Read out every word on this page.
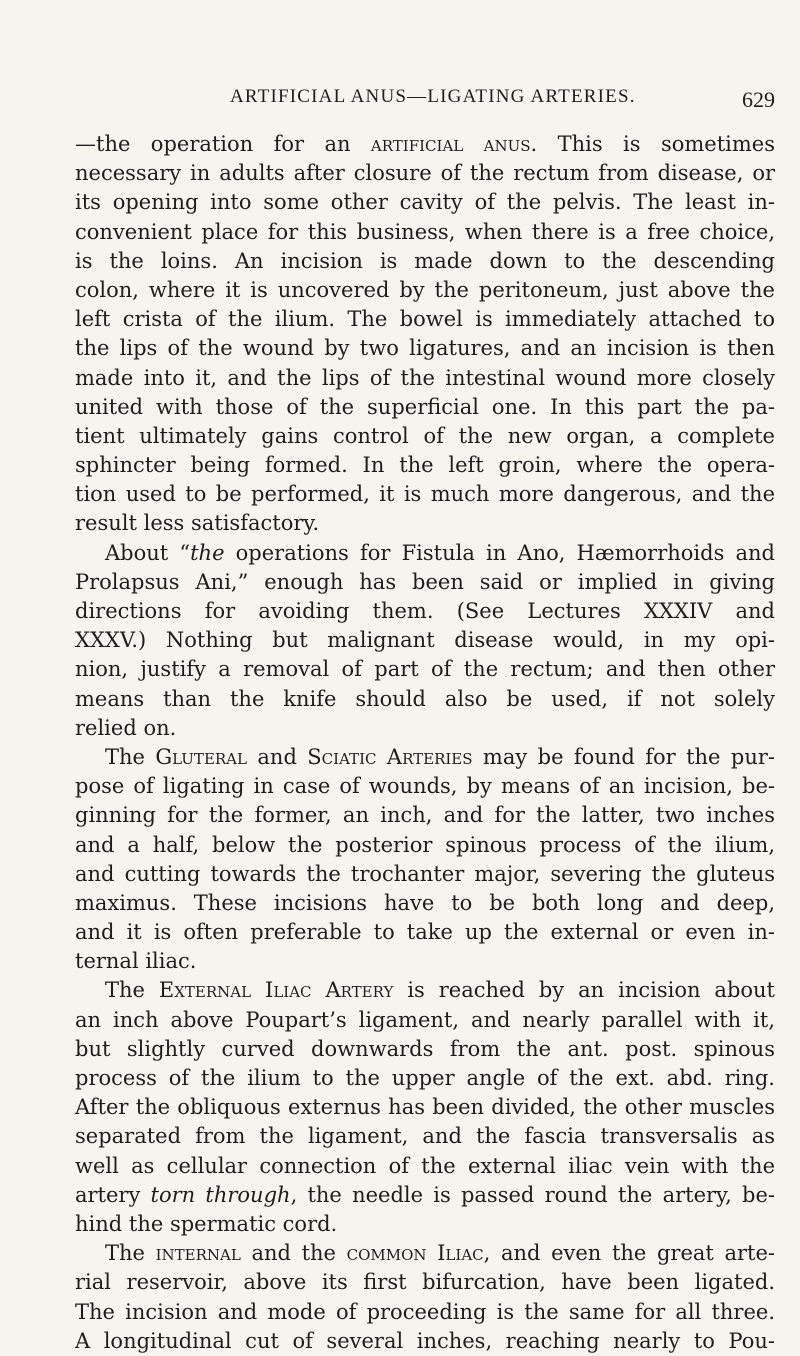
ARTIFICIAL ANUS—LIGATING ARTERIES.	629
—the operation for an artificial anus. This is sometimes
necessary in adults after closure of the rectum from disease, or
its opening into some other cavity of the pelvis. The least in-
convenient place for this business, when there is a free choice,
is the loins. An incision is made down to the descending
colon, where it is uncovered by the peritoneum, just above the
left crista of the ilium. The bowel is immediately attached to
the lips of the wound by two ligatures, and an incision is then
made into it, and the lips of the intestinal wound more closely
united with those of the superficial one. In this part the pa-
tient ultimately gains control of the new organ, a complete
sphincter being formed. In the left groin, where the opera-
tion used to be performed, it is much more dangerous, and the
result less satisfactory.
About “the operations for Fistula in Ano, Hæmorrhoids and
Prolapsus Ani,” enough has been said or implied in giving
directions for avoiding them. (See Lectures XXXIV and
XXXV.) Nothing but malignant disease would, in my opi-
nion, justify a removal of part of the rectum; and then other
means than the knife should also be used, if not solely
relied on.
The Gluteral and Sciatic Arteries may be found for the pur-
pose of ligating in case of wounds, by means of an incision, be-
ginning for the former, an inch, and for the latter, two inches
and a half, below the posterior spinous process of the ilium,
and cutting towards the trochanter major, severing the gluteus
maximus. These incisions have to be both long and deep,
and it is often preferable to take up the external or even in-
ternal iliac.
The External Iliac Artery is reached by an incision about
an inch above Poupart’s ligament, and nearly parallel with it,
but slightly curved downwards from the ant. post. spinous
process of the ilium to the upper angle of the ext. abd. ring.
After the obliquous externus has been divided, the other muscles
separated from the ligament, and the fascia transversalis as
well as cellular connection of the external iliac vein with the
artery torn through, the needle is passed round the artery, be-
hind the spermatic cord.
The internal and the common Iliac, and even the great arte-
rial reservoir, above its first bifurcation, have been ligated.
The incision and mode of proceeding is the same for all three.
A longitudinal cut of several inches, reaching nearly to Pou-
